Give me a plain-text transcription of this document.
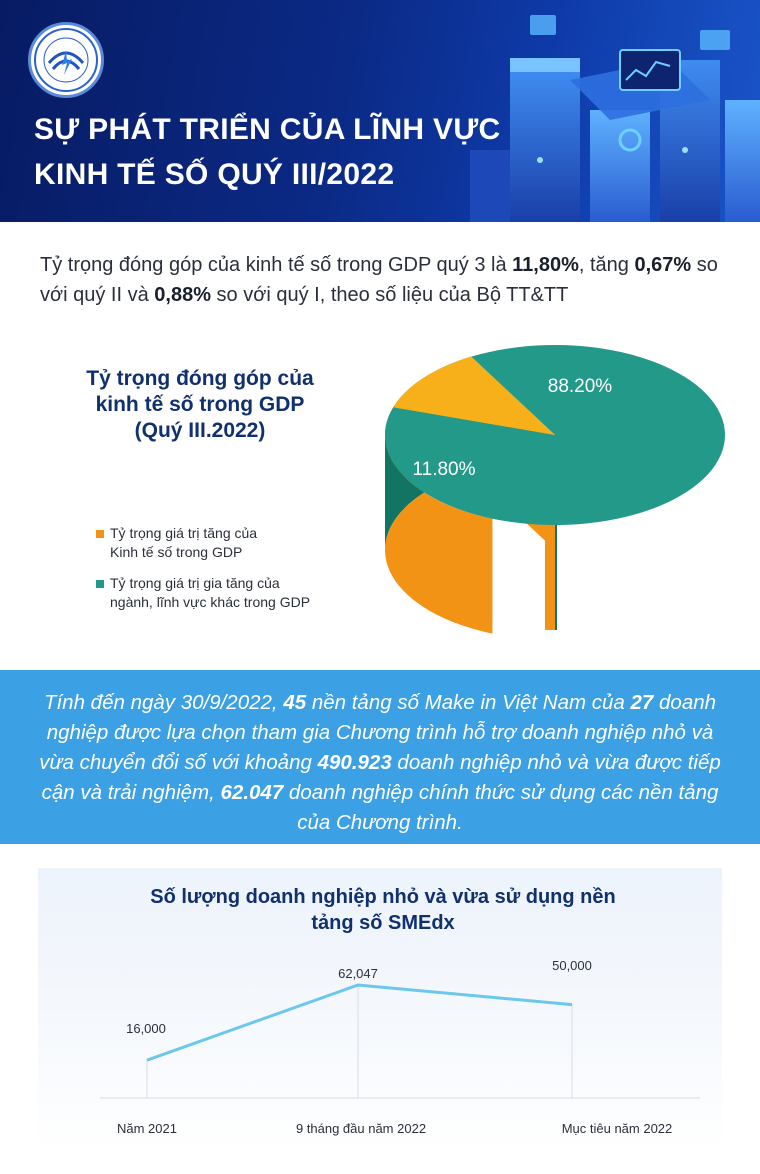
SỰ PHÁT TRIỂN CỦA LĨNH VỰC
KINH TẾ SỐ QUÝ III/2022
Tỷ trọng đóng góp của kinh tế số trong GDP quý 3 là 11,80%, tăng 0,67% so với quý II và 0,88% so với quý I, theo số liệu của Bộ TT&TT
Tỷ trọng đóng góp của
kinh tế số trong GDP
(Quý III.2022)
Tỷ trọng giá trị tăng của
Kinh tế số trong GDP
Tỷ trọng giá trị gia tăng của
ngành, lĩnh vực khác trong GDP
88.20%
11.80%

Tính đến ngày 30/9/2022, 45 nền tảng số Make in Việt Nam của 27 doanh nghiệp được lựa chọn tham gia Chương trình hỗ trợ doanh nghiệp nhỏ và vừa chuyển đổi số với khoảng 490.923 doanh nghiệp nhỏ và vừa được tiếp cận và trải nghiệm, 62.047 doanh nghiệp chính thức sử dụng các nền tảng của Chương trình.

Số lượng doanh nghiệp nhỏ và vừa sử dụng nền
tảng số SMEdx
16,000
62,047
50,000
Năm 2021	9 tháng đầu năm 2022	Mục tiêu năm 2022
